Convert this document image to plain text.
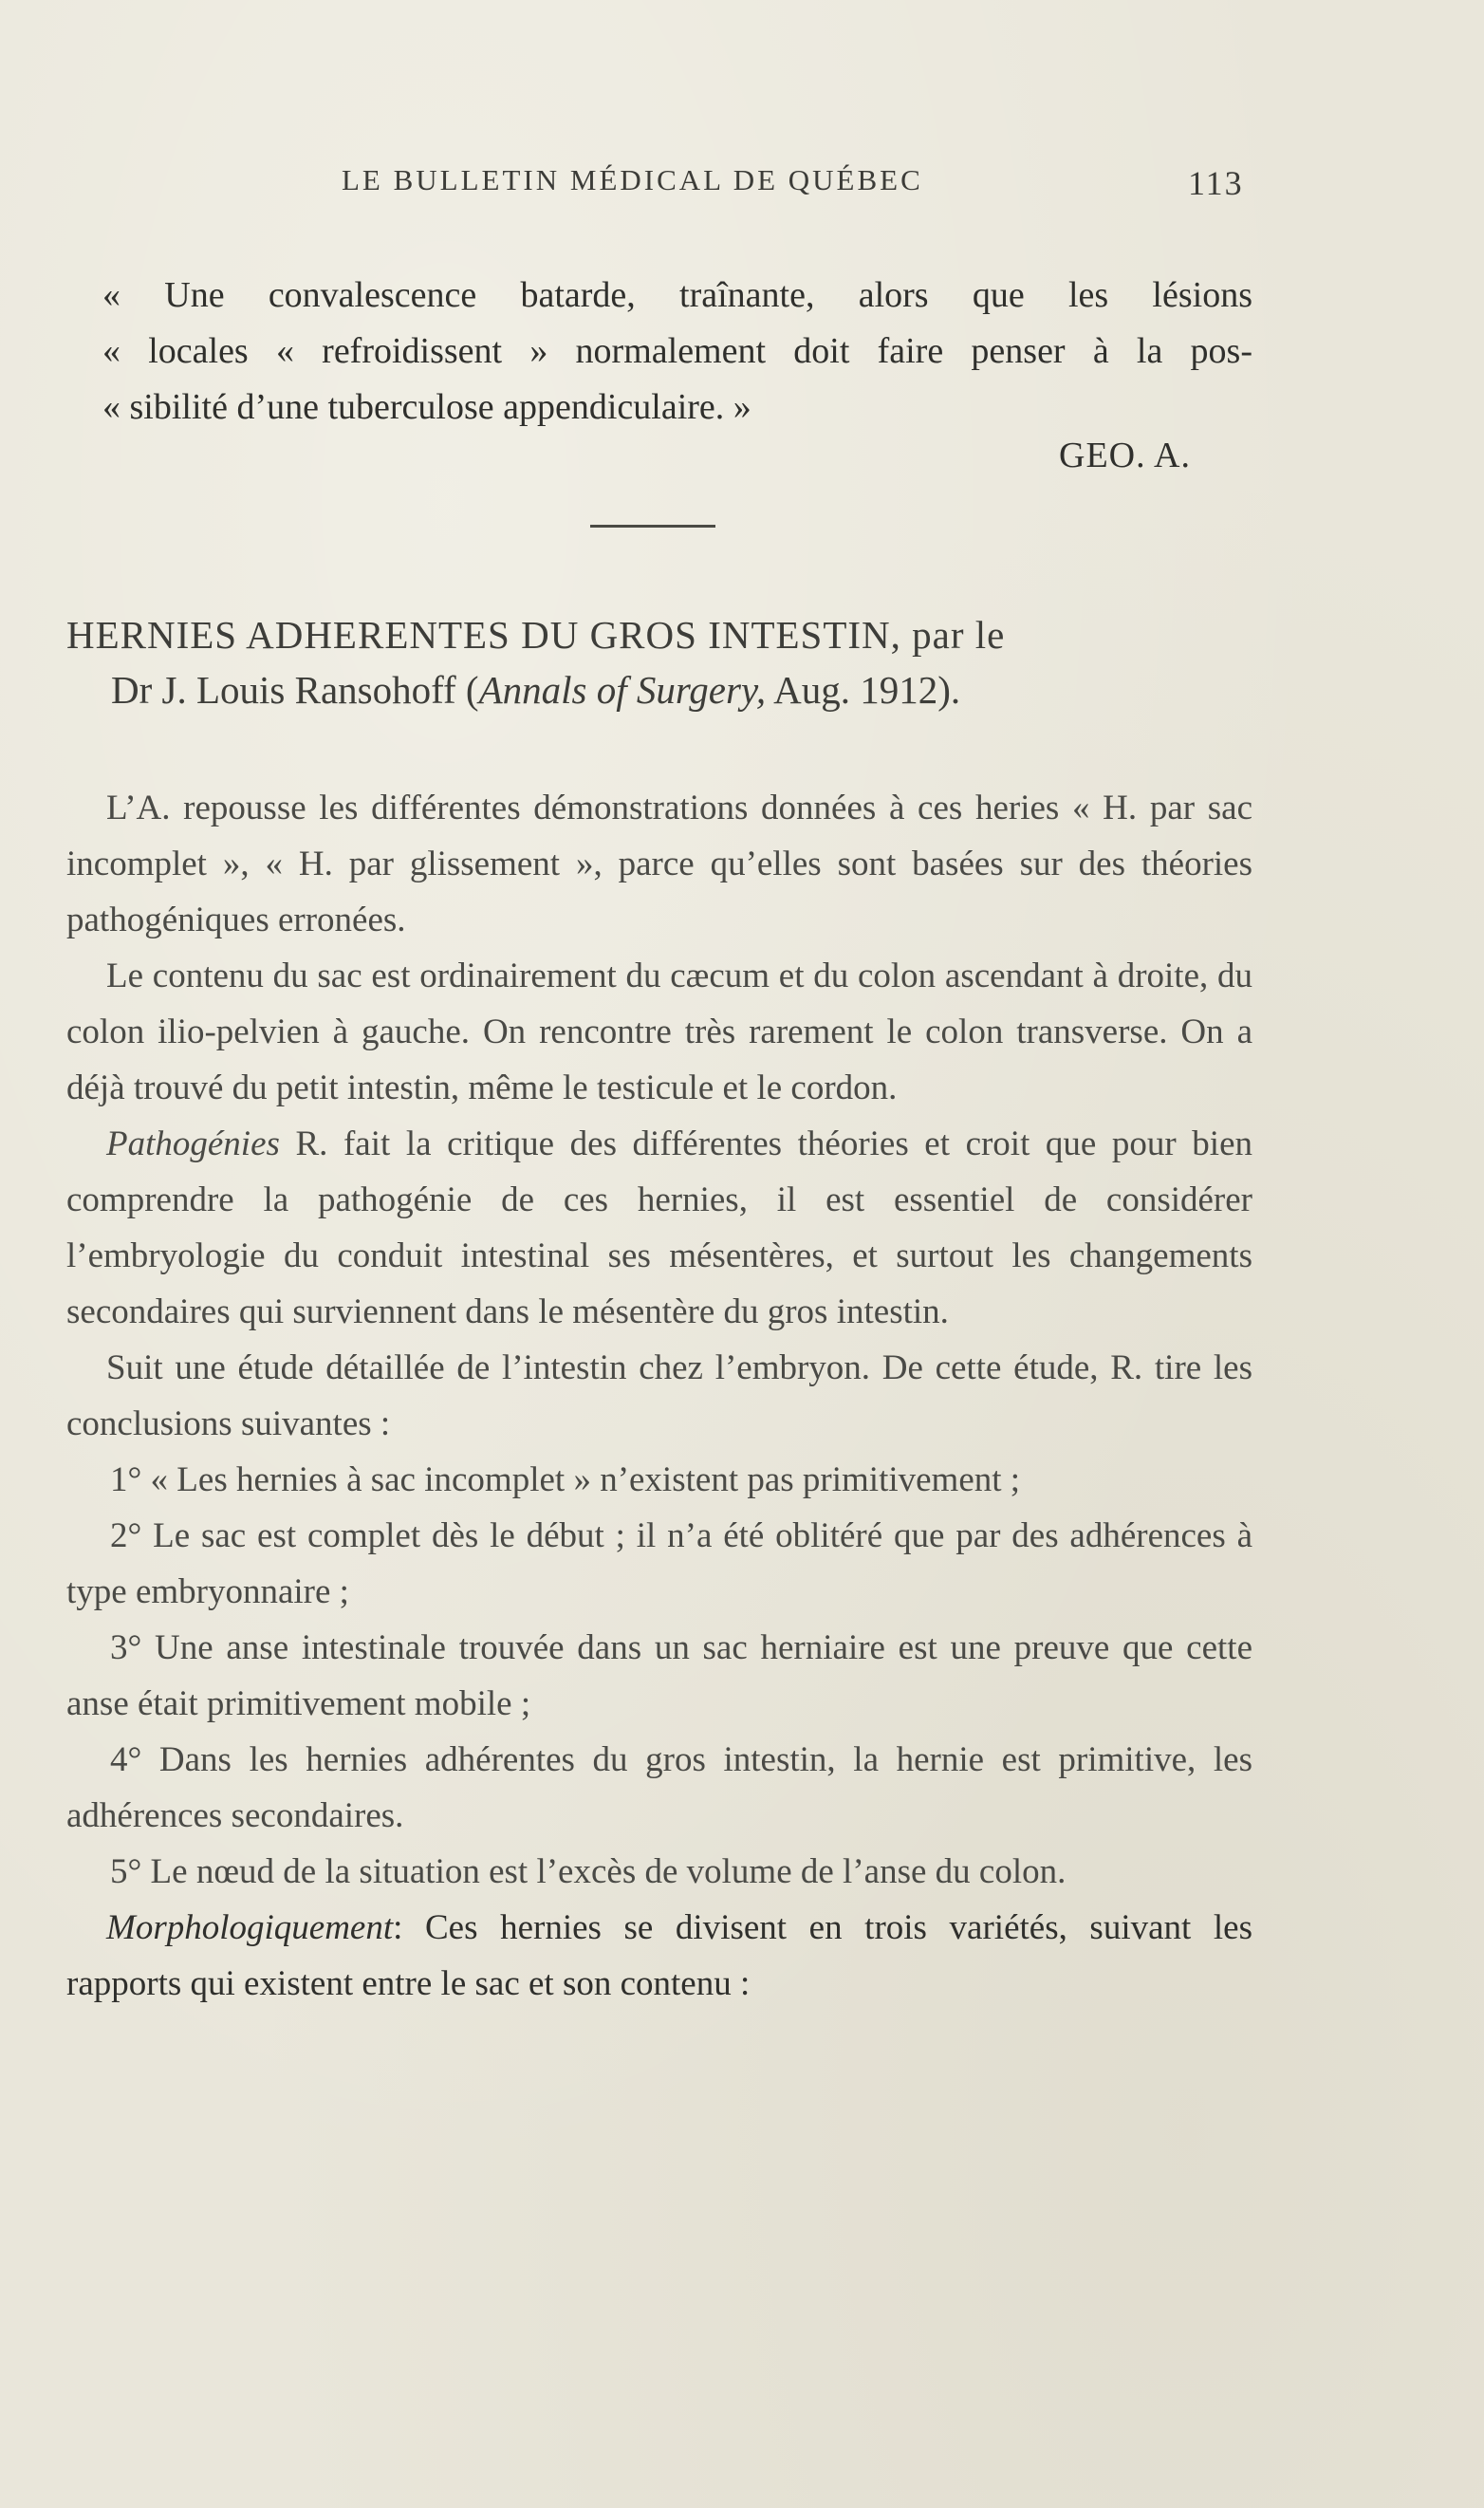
LE BULLETIN MÉDICAL DE QUÉBEC	113
« Une convalescence batarde, traînante, alors que les lésions
« locales « refroidissent » normalement doit faire penser à la pos-
« sibilité d’une tuberculose appendiculaire. »
GEO. A.
HERNIES ADHERENTES DU GROS INTESTIN, par le
Dr J. Louis Ransohoff (Annals of Surgery, Aug. 1912).

L’A. repousse les différentes démonstrations données à ces heries « H. par sac incomplet », « H. par glissement », parce qu’elles sont basées sur des théories pathogéniques erronées.

Le contenu du sac est ordinairement du cæcum et du colon ascendant à droite, du colon ilio-pelvien à gauche. On rencontre très rarement le colon transverse. On a déjà trouvé du petit intestin, même le testicule et le cordon.

Pathogénies R. fait la critique des différentes théories et croit que pour bien comprendre la pathogénie de ces hernies, il est essentiel de considérer l’embryologie du conduit intestinal ses mésentères, et surtout les changements secondaires qui surviennent dans le mésentère du gros intestin.

Suit une étude détaillée de l’intestin chez l’embryon. De cette étude, R. tire les conclusions suivantes :

1° « Les hernies à sac incomplet » n’existent pas primitivement ;

2° Le sac est complet dès le début ; il n’a été oblitéré que par des adhérences à type embryonnaire ;

3° Une anse intestinale trouvée dans un sac herniaire est une preuve que cette anse était primitivement mobile ;

4° Dans les hernies adhérentes du gros intestin, la hernie est primitive, les adhérences secondaires.

5° Le nœud de la situation est l’excès de volume de l’anse du colon.

Morphologiquement: Ces hernies se divisent en trois variétés, suivant les rapports qui existent entre le sac et son contenu :
